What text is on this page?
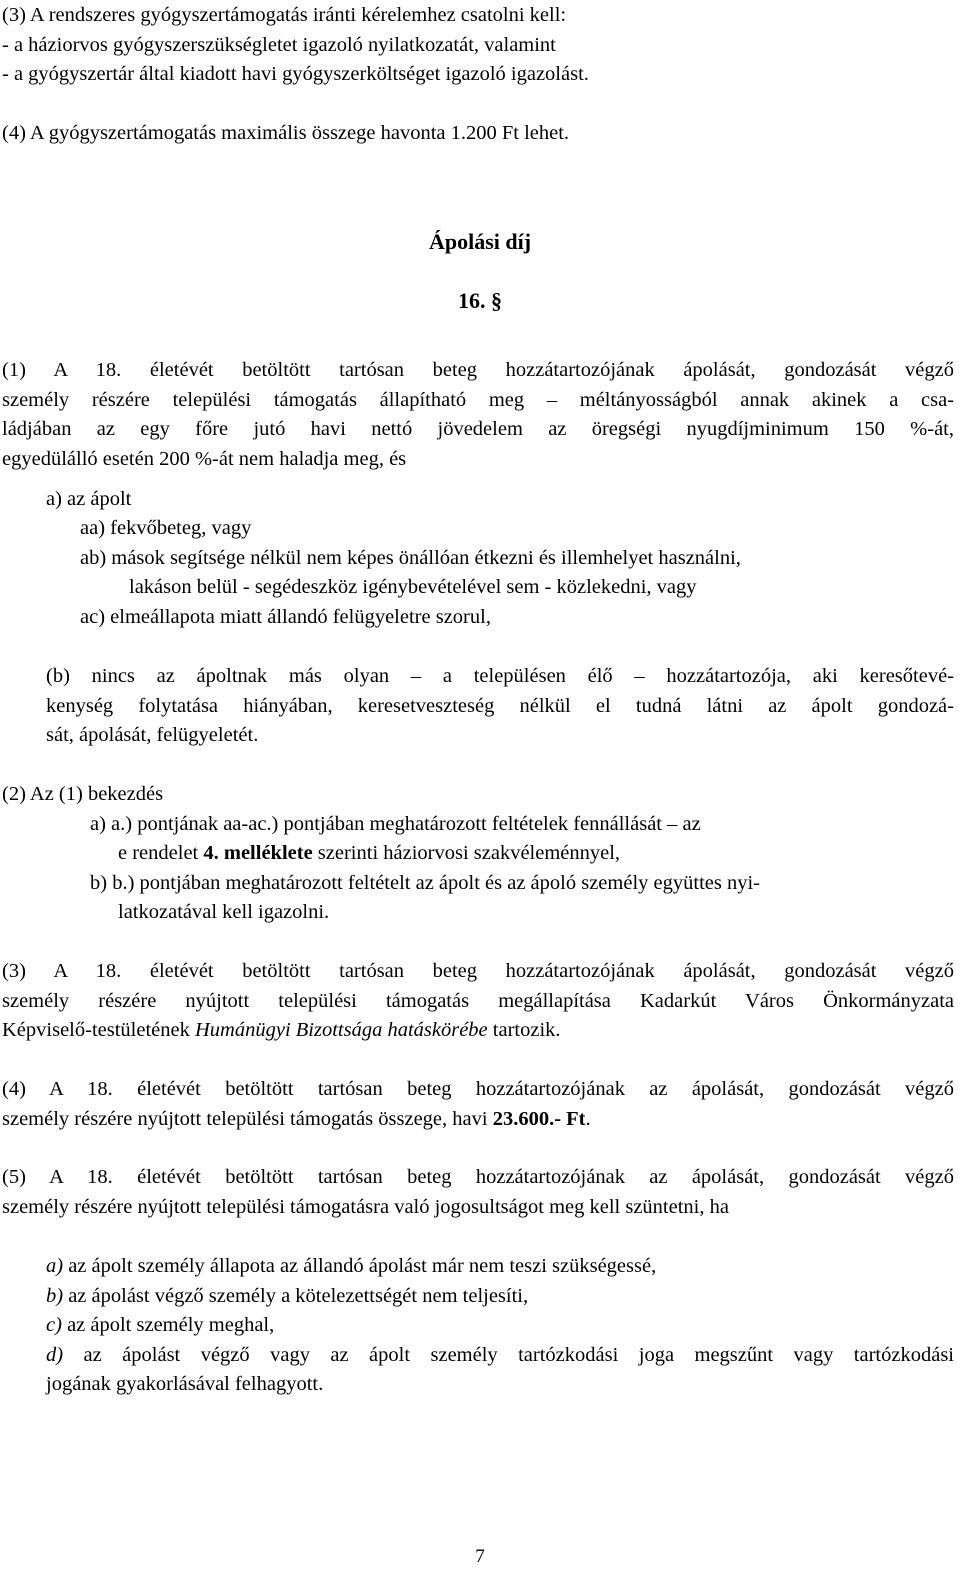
(3) A rendszeres gyógyszertámogatás iránti kérelemhez csatolni kell:
- a háziorvos gyógyszerszükségletet igazoló nyilatkozatát, valamint
- a gyógyszertár által kiadott havi gyógyszerköltséget igazoló igazolást.
(4) A gyógyszertámogatás maximális összege havonta 1.200 Ft lehet.
Ápolási díj
16. §
(1) A 18. életévét betöltött tartósan beteg hozzátartozójának ápolását, gondozását végző
személy részére települési támogatás állapítható meg – méltányosságból annak akinek a csa-
ládjában az egy főre jutó havi nettó jövedelem az öregségi nyugdíjminimum 150 %-át,
egyedülálló esetén 200 %-át nem haladja meg, és
a) az ápolt
aa) fekvőbeteg, vagy
ab) mások segítsége nélkül nem képes önállóan étkezni és illemhelyet használni,
lakáson belül - segédeszköz igénybevételével sem - közlekedni, vagy
ac) elmeállapota miatt állandó felügyeletre szorul,
(b) nincs az ápoltnak más olyan – a településen élő – hozzátartozója, aki keresőtevé-
kenység folytatása hiányában, keresetveszteség nélkül el tudná látni az ápolt gondozá-
sát, ápolását, felügyeletét.
(2) Az (1) bekezdés
a) a.) pontjának aa-ac.) pontjában meghatározott feltételek fennállását – az
e rendelet 4. melléklete szerinti háziorvosi szakvéleménnyel,
b) b.) pontjában meghatározott feltételt az ápolt és az ápoló személy együttes nyi-
latkozatával kell igazolni.
(3) A 18. életévét betöltött tartósan beteg hozzátartozójának ápolását, gondozását végző
személy részére nyújtott települési támogatás megállapítása Kadarkút Város Önkormányzata
Képviselő-testületének Humánügyi Bizottsága hatáskörébe tartozik.
(4) A 18. életévét betöltött tartósan beteg hozzátartozójának az ápolását, gondozását végző
személy részére nyújtott települési támogatás összege, havi 23.600.- Ft.
(5) A 18. életévét betöltött tartósan beteg hozzátartozójának az ápolását, gondozását végző
személy részére nyújtott települési támogatásra való jogosultságot meg kell szüntetni, ha
a) az ápolt személy állapota az állandó ápolást már nem teszi szükségessé,
b) az ápolást végző személy a kötelezettségét nem teljesíti,
c) az ápolt személy meghal,
d) az ápolást végző vagy az ápolt személy tartózkodási joga megszűnt vagy tartózkodási
jogának gyakorlásával felhagyott.
7
